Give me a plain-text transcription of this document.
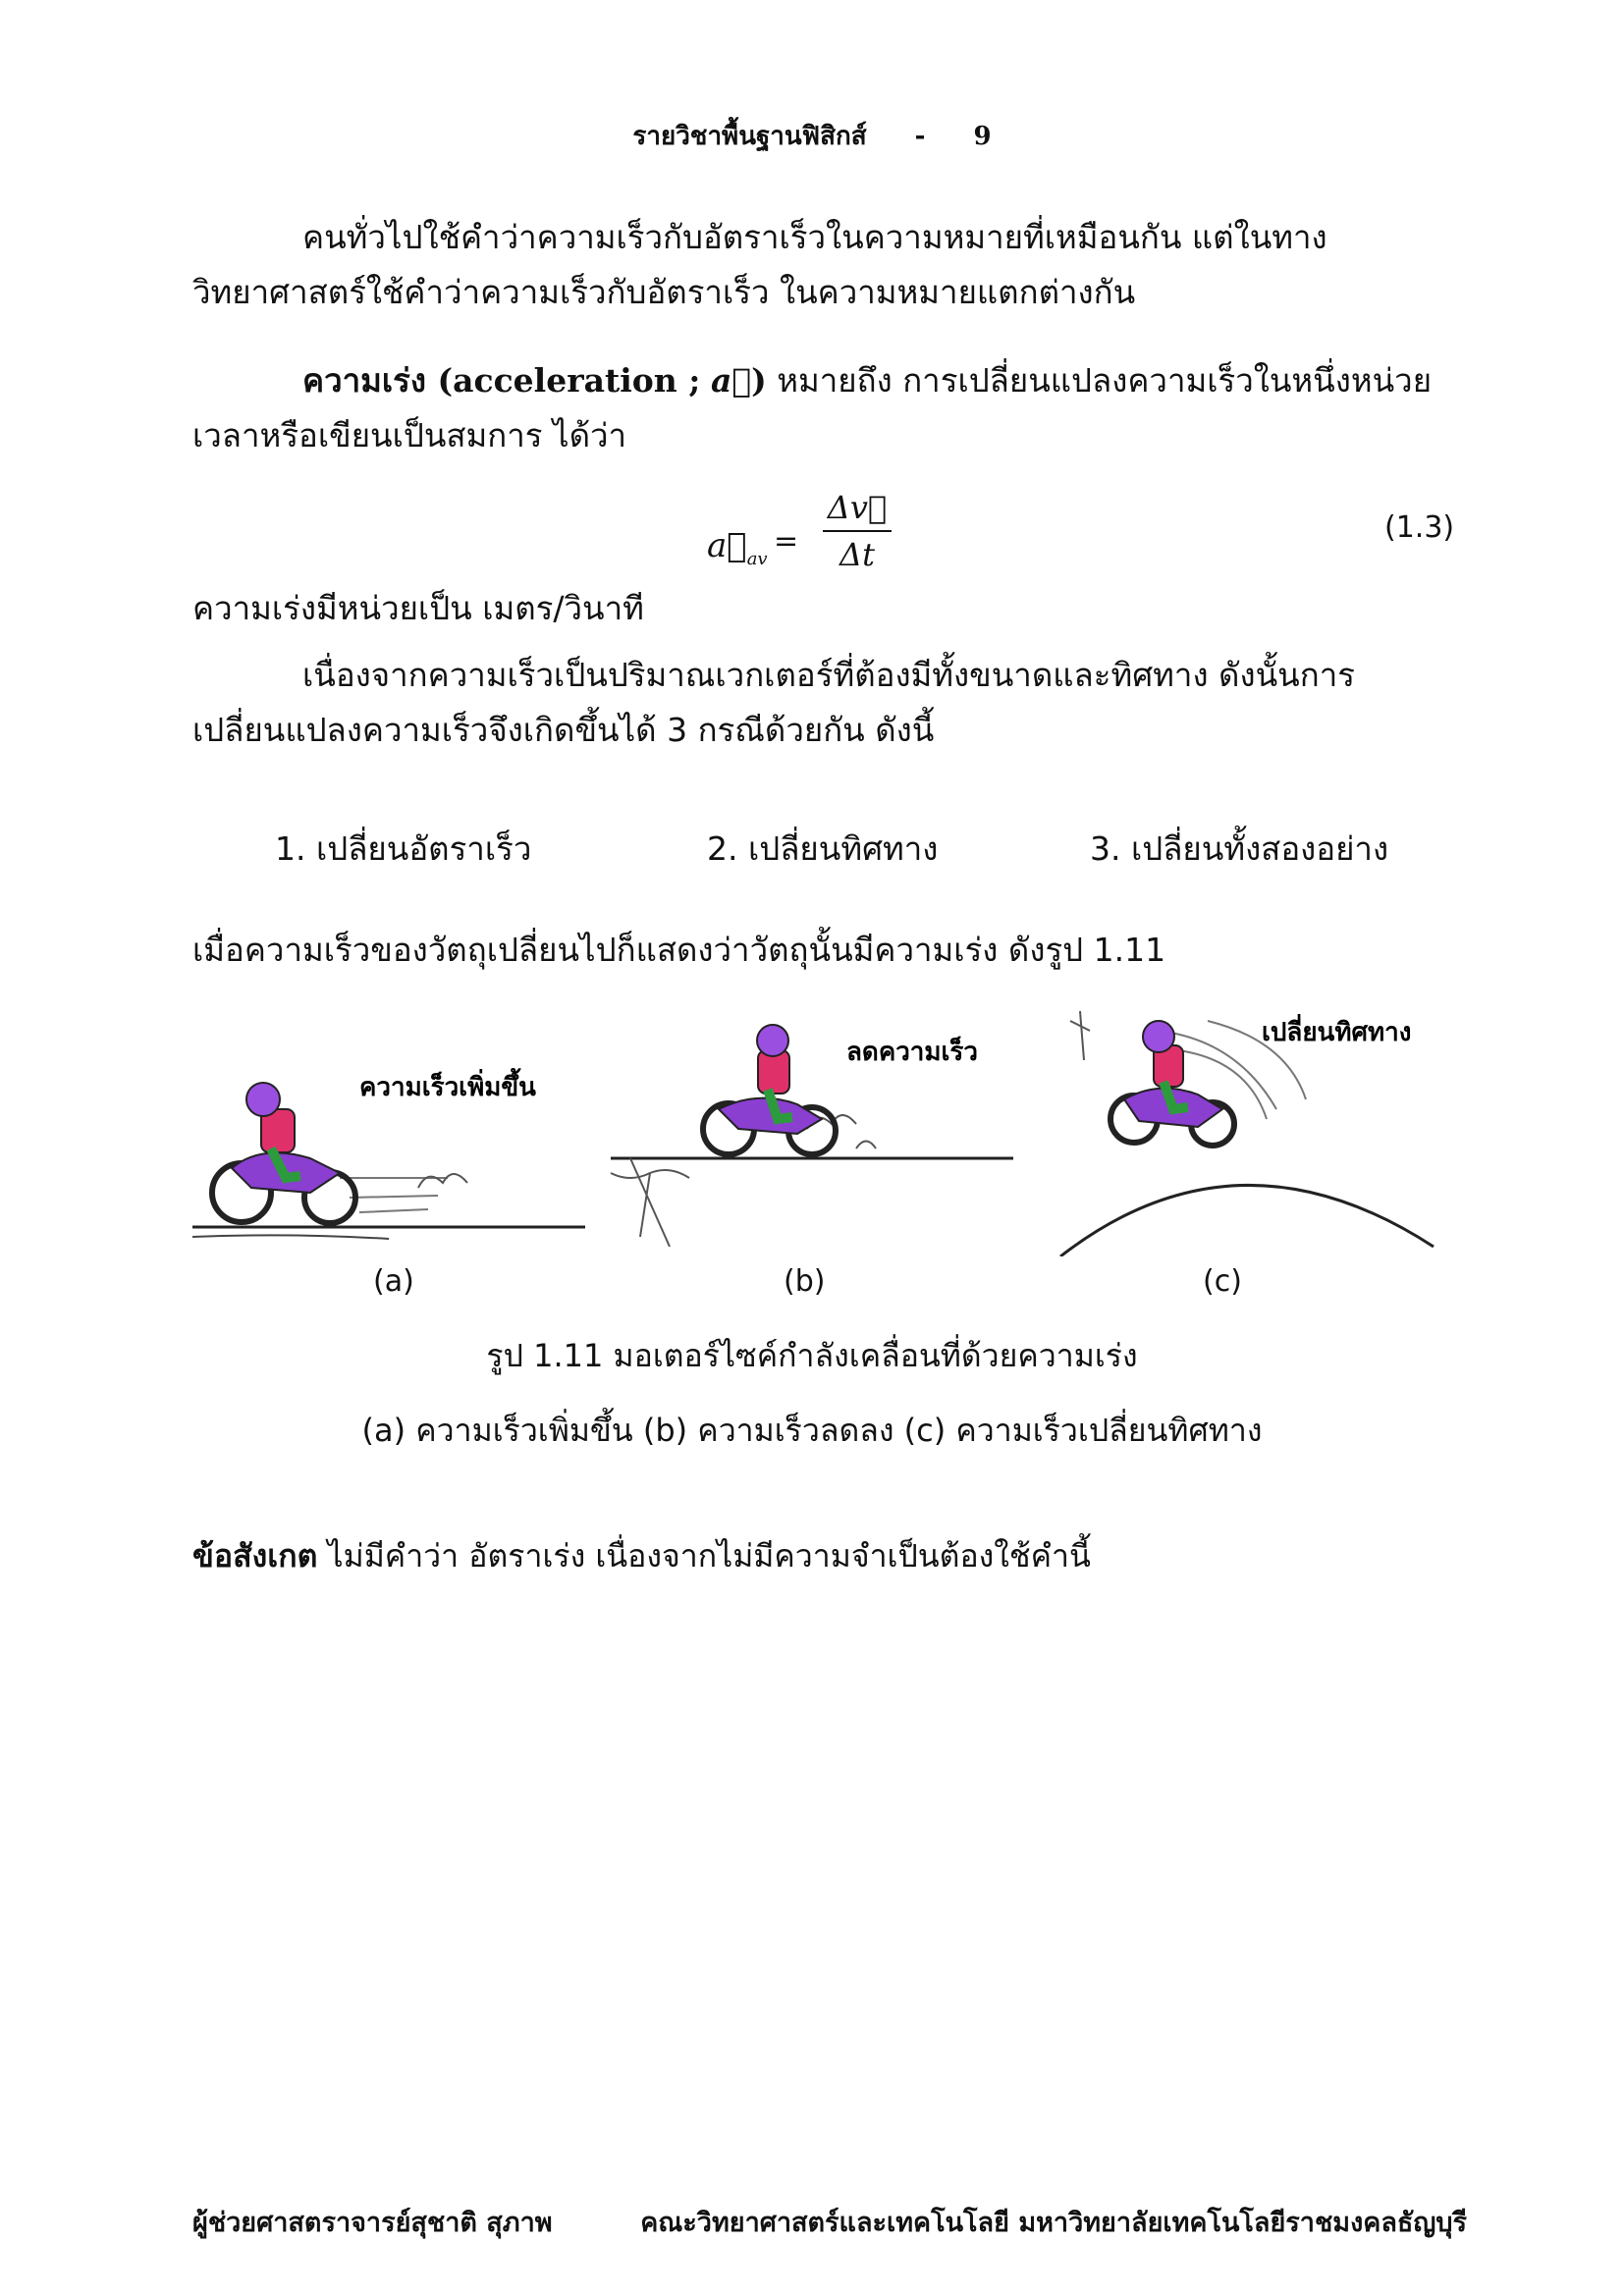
รายวิชาพื้นฐานฟิสิกส์ - 9
คนทั่วไปใช้คำว่าความเร็วกับอัตราเร็วในความหมายที่เหมือนกัน แต่ในทางวิทยาศาสตร์ใช้คำว่าความเร็วกับอัตราเร็ว ในความหมายแตกต่างกัน
ความเร่ง (acceleration ; a⃗) หมายถึง การเปลี่ยนแปลงความเร็วในหนึ่งหน่วยเวลาหรือเขียนเป็นสมการ ได้ว่า
$a⃗_{av}$
=
Δv⃗
Δt
(1.3)
ความเร่งมีหน่วยเป็น เมตร/วินาที
เนื่องจากความเร็วเป็นปริมาณเวกเตอร์ที่ต้องมีทั้งขนาดและทิศทาง ดังนั้นการเปลี่ยนแปลงความเร็วจึงเกิดขึ้นได้ 3 กรณีด้วยกัน ดังนี้
1. เปลี่ยนอัตราเร็ว	2. เปลี่ยนทิศทาง	3. เปลี่ยนทั้งสองอย่าง
เมื่อความเร็วของวัตถุเปลี่ยนไปก็แสดงว่าวัตถุนั้นมีความเร่ง ดังรูป 1.11
ความเร็วเพิ่มขึ้น
ลดความเร็ว
เปลี่ยนทิศทาง
(a)	(b)	(c)
รูป 1.11 มอเตอร์ไซค์กำลังเคลื่อนที่ด้วยความเร่ง
(a) ความเร็วเพิ่มขึ้น (b) ความเร็วลดลง (c) ความเร็วเปลี่ยนทิศทาง
ข้อสังเกต ไม่มีคำว่า อัตราเร่ง เนื่องจากไม่มีความจำเป็นต้องใช้คำนี้
ผู้ช่วยศาสตราจารย์สุชาติ สุภาพ	คณะวิทยาศาสตร์และเทคโนโลยี มหาวิทยาลัยเทคโนโลยีราชมงคลธัญบุรี
